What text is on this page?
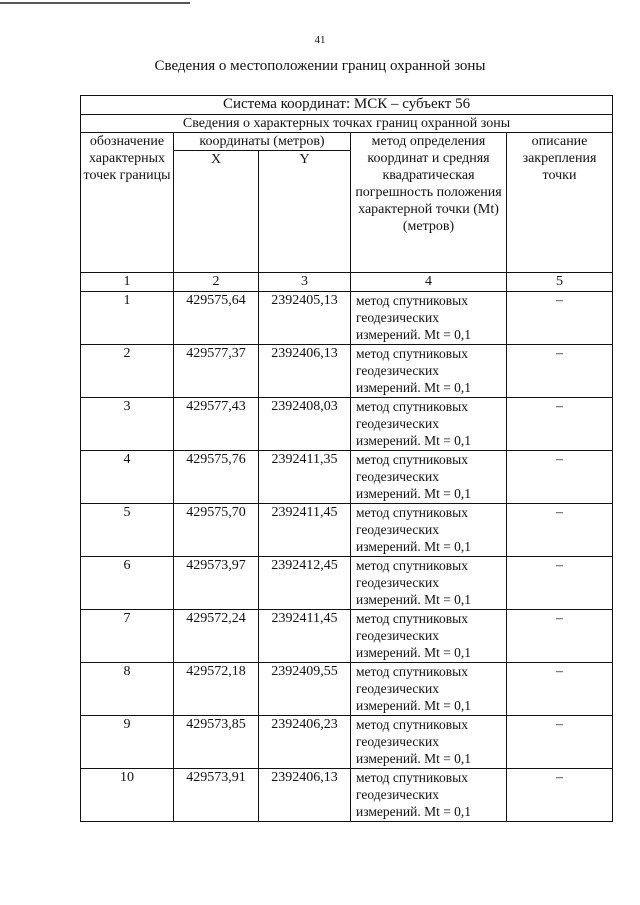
41
Сведения о местоположении границ охранной зоны
Система координат: МСК – субъект 56				
Сведения о характерных точках границ охранной зоны				
обозначение характерных точек границы	координаты (метров)		метод определения координат и средняя квадратическая погрешность положения характерной точки (Mt) (метров)	описание закрепления точки
	X	Y		
1	2	3	4	5
1	429575,64	2392405,13	метод спутниковых геодезических измерений. Mt = 0,1	–
2	429577,37	2392406,13	метод спутниковых геодезических измерений. Mt = 0,1	–
3	429577,43	2392408,03	метод спутниковых геодезических измерений. Mt = 0,1	–
4	429575,76	2392411,35	метод спутниковых геодезических измерений. Mt = 0,1	–
5	429575,70	2392411,45	метод спутниковых геодезических измерений. Mt = 0,1	–
6	429573,97	2392412,45	метод спутниковых геодезических измерений. Mt = 0,1	–
7	429572,24	2392411,45	метод спутниковых геодезических измерений. Mt = 0,1	–
8	429572,18	2392409,55	метод спутниковых геодезических измерений. Mt = 0,1	–
9	429573,85	2392406,23	метод спутниковых геодезических измерений. Mt = 0,1	–
10	429573,91	2392406,13	метод спутниковых геодезических измерений. Mt = 0,1	–
